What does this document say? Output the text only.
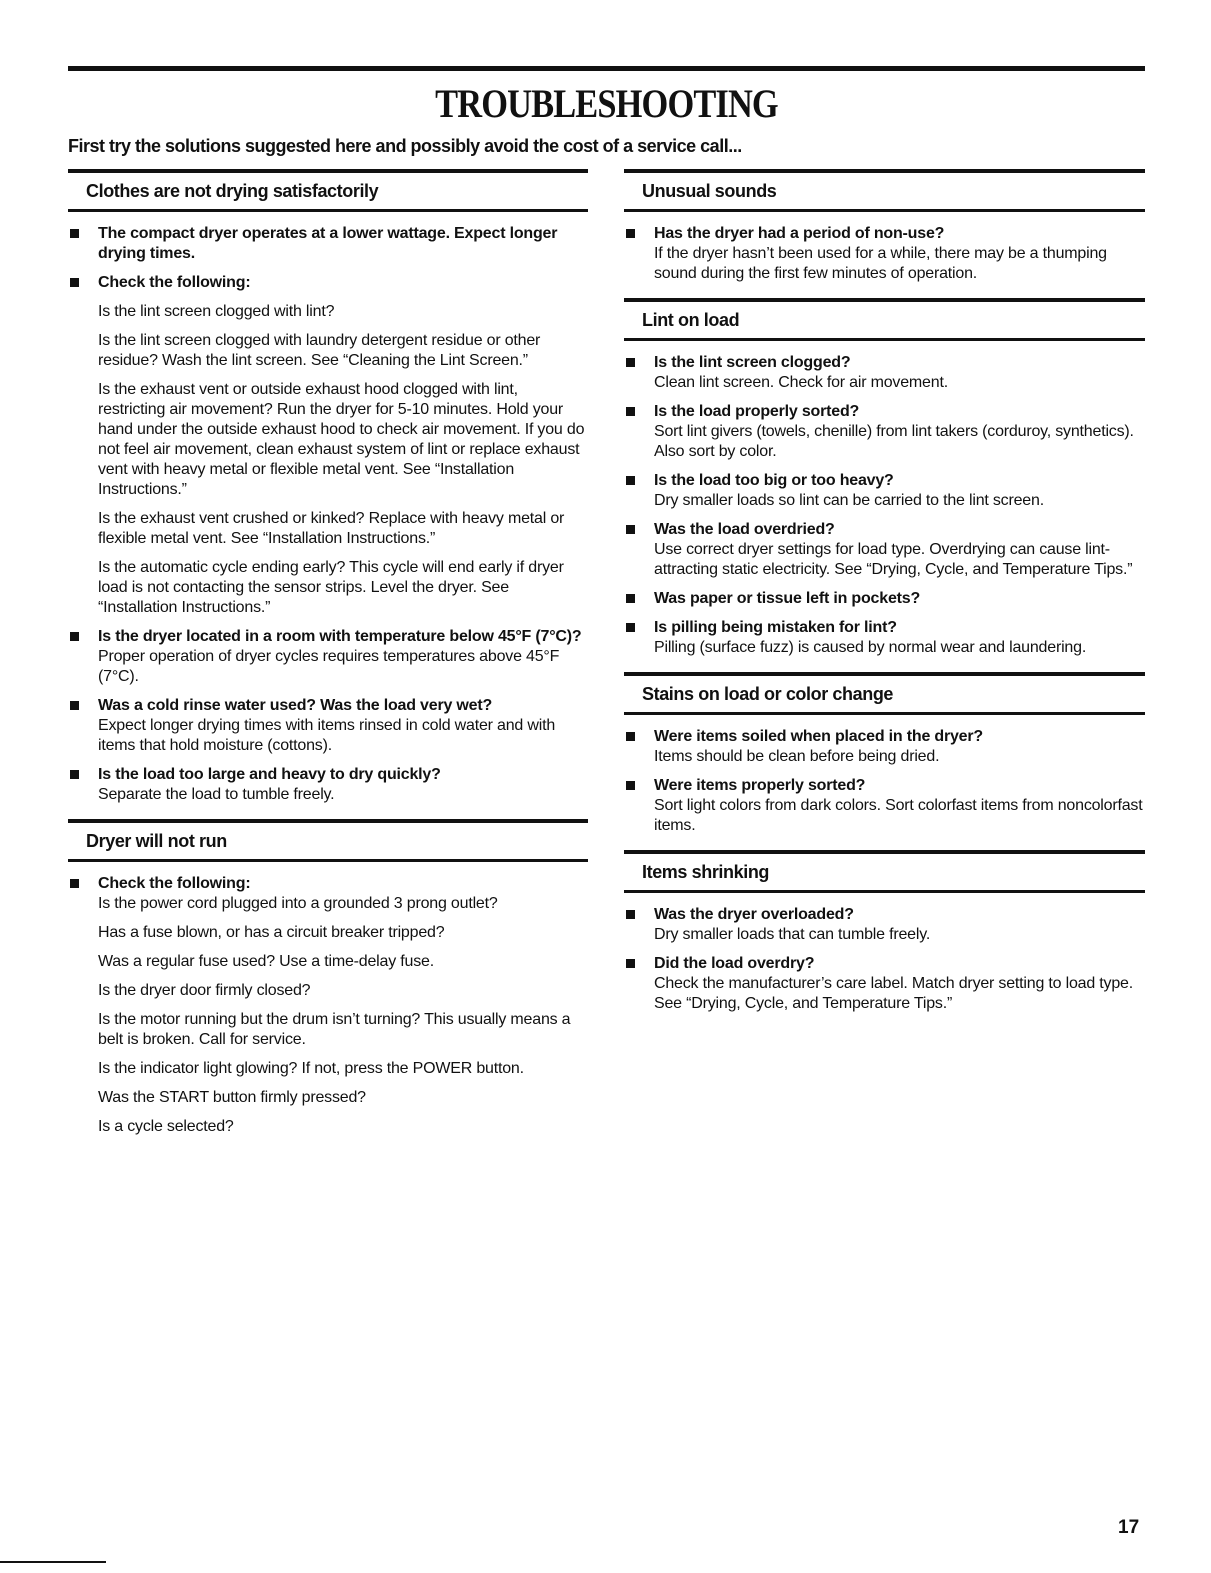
TROUBLESHOOTING
First try the solutions suggested here and possibly avoid the cost of a service call...
Clothes are not drying satisfactorily
The compact dryer operates at a lower wattage. Expect longer drying times.
Check the following:
Is the lint screen clogged with lint?
Is the lint screen clogged with laundry detergent residue or other residue? Wash the lint screen. See “Cleaning the Lint Screen.”
Is the exhaust vent or outside exhaust hood clogged with lint, restricting air movement? Run the dryer for 5-10 minutes. Hold your hand under the outside exhaust hood to check air movement. If you do not feel air movement, clean exhaust system of lint or replace exhaust vent with heavy metal or flexible metal vent. See “Installation Instructions.”
Is the exhaust vent crushed or kinked? Replace with heavy metal or flexible metal vent. See “Installation Instructions.”
Is the automatic cycle ending early? This cycle will end early if dryer load is not contacting the sensor strips. Level the dryer. See “Installation Instructions.”
Is the dryer located in a room with temperature below 45°F (7°C)?
Proper operation of dryer cycles requires temperatures above 45°F (7°C).
Was a cold rinse water used? Was the load very wet?
Expect longer drying times with items rinsed in cold water and with items that hold moisture (cottons).
Is the load too large and heavy to dry quickly?
Separate the load to tumble freely.
Dryer will not run
Check the following:
Is the power cord plugged into a grounded 3 prong outlet?
Has a fuse blown, or has a circuit breaker tripped?
Was a regular fuse used? Use a time-delay fuse.
Is the dryer door firmly closed?
Is the motor running but the drum isn’t turning? This usually means a belt is broken. Call for service.
Is the indicator light glowing? If not, press the POWER button.
Was the START button firmly pressed?
Is a cycle selected?
Unusual sounds
Has the dryer had a period of non-use?
If the dryer hasn’t been used for a while, there may be a thumping sound during the first few minutes of operation.
Lint on load
Is the lint screen clogged?
Clean lint screen. Check for air movement.
Is the load properly sorted?
Sort lint givers (towels, chenille) from lint takers (corduroy, synthetics). Also sort by color.
Is the load too big or too heavy?
Dry smaller loads so lint can be carried to the lint screen.
Was the load overdried?
Use correct dryer settings for load type. Overdrying can cause lint-attracting static electricity. See “Drying, Cycle, and Temperature Tips.”
Was paper or tissue left in pockets?
Is pilling being mistaken for lint?
Pilling (surface fuzz) is caused by normal wear and laundering.
Stains on load or color change
Were items soiled when placed in the dryer?
Items should be clean before being dried.
Were items properly sorted?
Sort light colors from dark colors. Sort colorfast items from noncolorfast items.
Items shrinking
Was the dryer overloaded?
Dry smaller loads that can tumble freely.
Did the load overdry?
Check the manufacturer’s care label. Match dryer setting to load type. See “Drying, Cycle, and Temperature Tips.”
17
